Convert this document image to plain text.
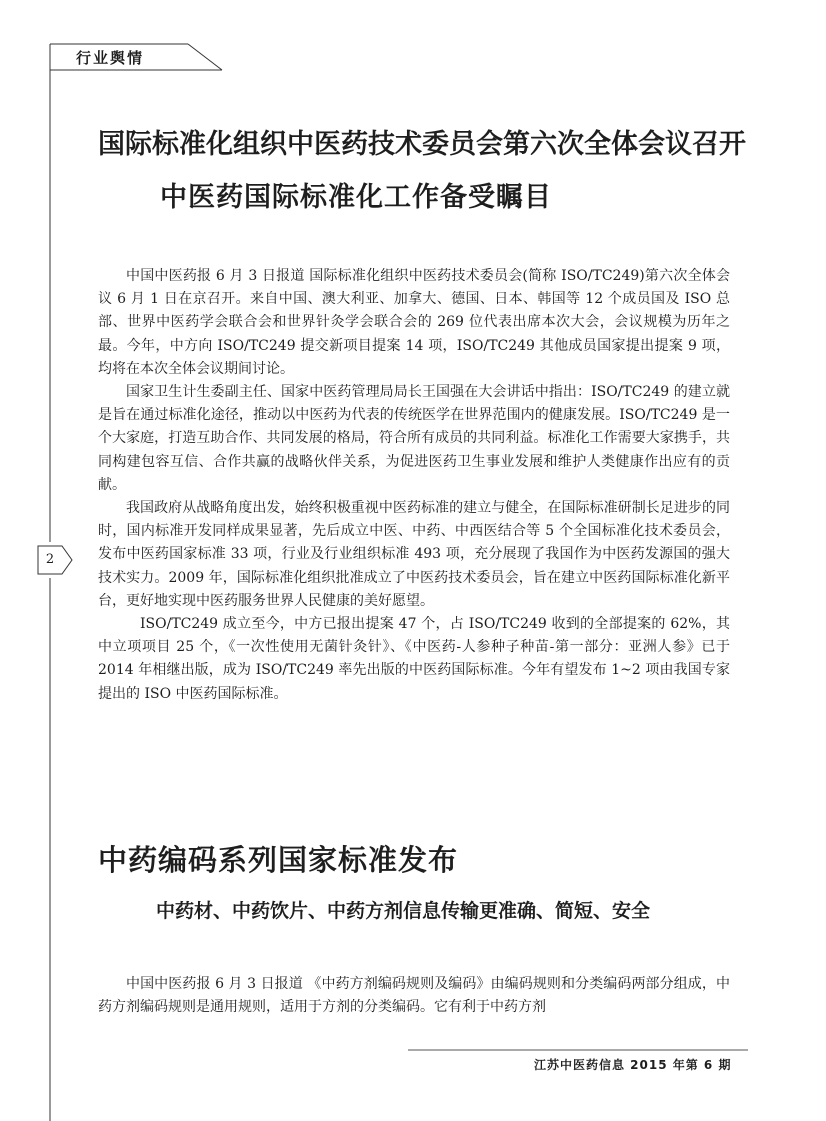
行业舆情
2
国际标准化组织中医药技术委员会第六次全体会议召开
中医药国际标准化工作备受瞩目

中国中医药报 6 月 3 日报道 国际标准化组织中医药技术委员会(简称 ISO/TC249)第六次全体会议 6 月 1 日在京召开。来自中国、澳大利亚、加拿大、德国、日本、韩国等 12 个成员国及 ISO 总部、世界中医药学会联合会和世界针灸学会联合会的 269 位代表出席本次大会，会议规模为历年之最。今年，中方向 ISO/TC249 提交新项目提案 14 项，ISO/TC249 其他成员国家提出提案 9 项，均将在本次全体会议期间讨论。

国家卫生计生委副主任、国家中医药管理局局长王国强在大会讲话中指出：ISO/TC249 的建立就是旨在通过标准化途径，推动以中医药为代表的传统医学在世界范围内的健康发展。ISO/TC249 是一个大家庭，打造互助合作、共同发展的格局，符合所有成员的共同利益。标准化工作需要大家携手，共同构建包容互信、合作共赢的战略伙伴关系，为促进医药卫生事业发展和维护人类健康作出应有的贡献。

我国政府从战略角度出发，始终积极重视中医药标准的建立与健全，在国际标准研制长足进步的同时，国内标准开发同样成果显著，先后成立中医、中药、中西医结合等 5 个全国标准化技术委员会，发布中医药国家标准 33 项，行业及行业组织标准 493 项，充分展现了我国作为中医药发源国的强大技术实力。2009 年，国际标准化组织批准成立了中医药技术委员会，旨在建立中医药国际标准化新平台，更好地实现中医药服务世界人民健康的美好愿望。

ISO/TC249 成立至今，中方已报出提案 47 个，占 ISO/TC249 收到的全部提案的 62%，其中立项项目 25 个，《一次性使用无菌针灸针》、《中医药-人参种子种苗-第一部分：亚洲人参》已于 2014 年相继出版，成为 ISO/TC249 率先出版的中医药国际标准。今年有望发布 1~2 项由我国专家提出的 ISO 中医药国际标准。

中药编码系列国家标准发布
中药材、中药饮片、中药方剂信息传输更准确、简短、安全

中国中医药报 6 月 3 日报道 《中药方剂编码规则及编码》由编码规则和分类编码两部分组成，中药方剂编码规则是通用规则，适用于方剂的分类编码。它有利于中药方剂

江苏中医药信息 2015 年第 6 期
